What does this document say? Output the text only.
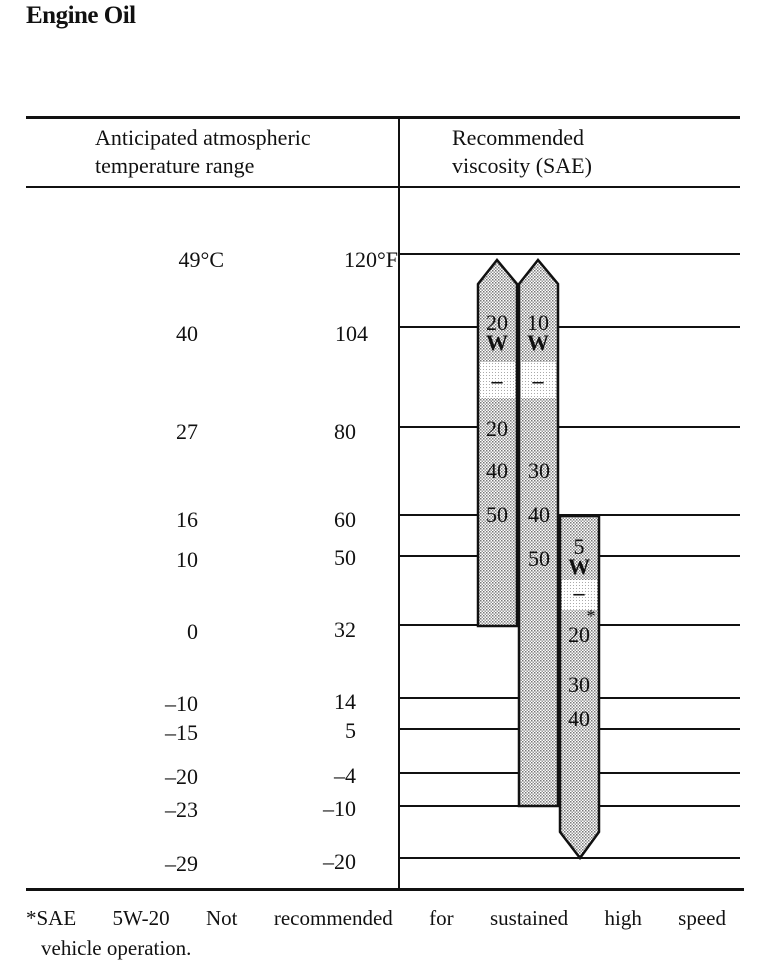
Engine Oil
Anticipated atmospheric
temperature range
Recommended
viscosity (SAE)
49°C	120°F
40	104
27	80
16	60
10	50
0	32
–10	14
–15	5
–20	–4
–23	–10
–29	–20
20
W
–
20
40
50
10
W
–
30
40
50 5
W
–
*
20
30
40
*SAE 5W-20 Not recommended for sustained high speed
vehicle operation.
